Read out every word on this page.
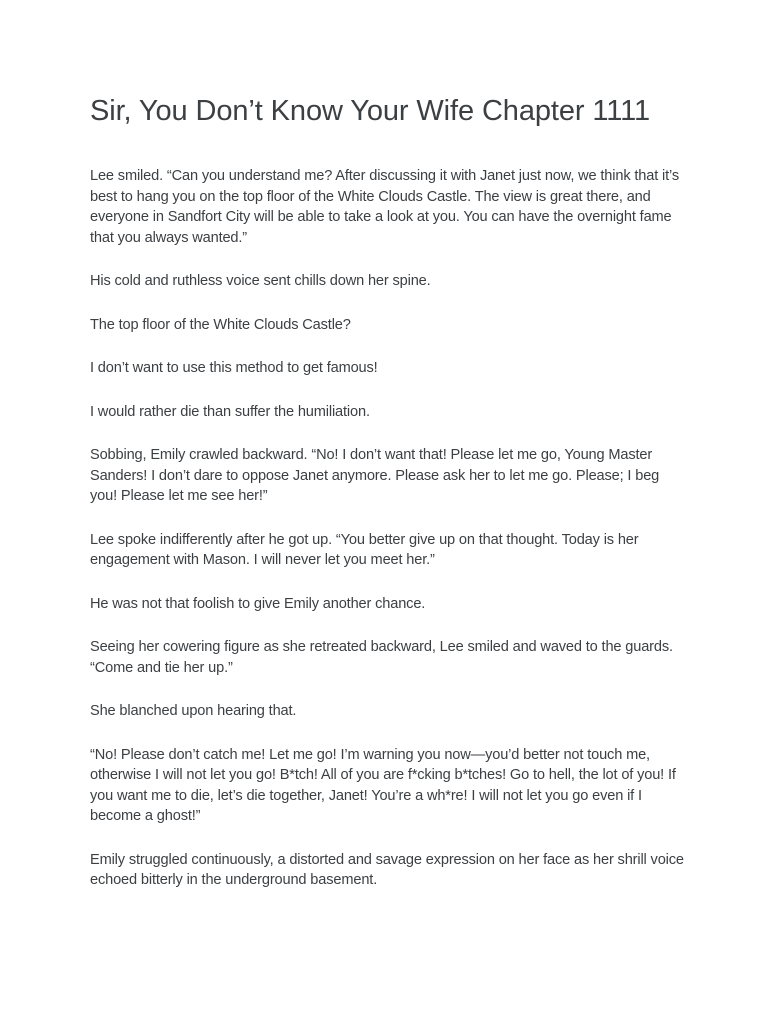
Sir, You Don’t Know Your Wife Chapter 1111

Lee smiled. “Can you understand me? After discussing it with Janet just now, we think that it’s best to hang you on the top floor of the White Clouds Castle. The view is great there, and everyone in Sandfort City will be able to take a look at you. You can have the overnight fame that you always wanted.”

His cold and ruthless voice sent chills down her spine.

The top floor of the White Clouds Castle?

I don’t want to use this method to get famous!

I would rather die than suffer the humiliation.

Sobbing, Emily crawled backward. “No! I don’t want that! Please let me go, Young Master Sanders! I don’t dare to oppose Janet anymore. Please ask her to let me go. Please; I beg you! Please let me see her!”

Lee spoke indifferently after he got up. “You better give up on that thought. Today is her engagement with Mason. I will never let you meet her.”

He was not that foolish to give Emily another chance.

Seeing her cowering figure as she retreated backward, Lee smiled and waved to the guards. “Come and tie her up.”

She blanched upon hearing that.

“No! Please don’t catch me! Let me go! I’m warning you now—you’d better not touch me, otherwise I will not let you go! B*tch! All of you are f*cking b*tches! Go to hell, the lot of you! If you want me to die, let’s die together, Janet! You’re a wh*re! I will not let you go even if I become a ghost!”

Emily struggled continuously, a distorted and savage expression on her face as her shrill voice echoed bitterly in the underground basement.
